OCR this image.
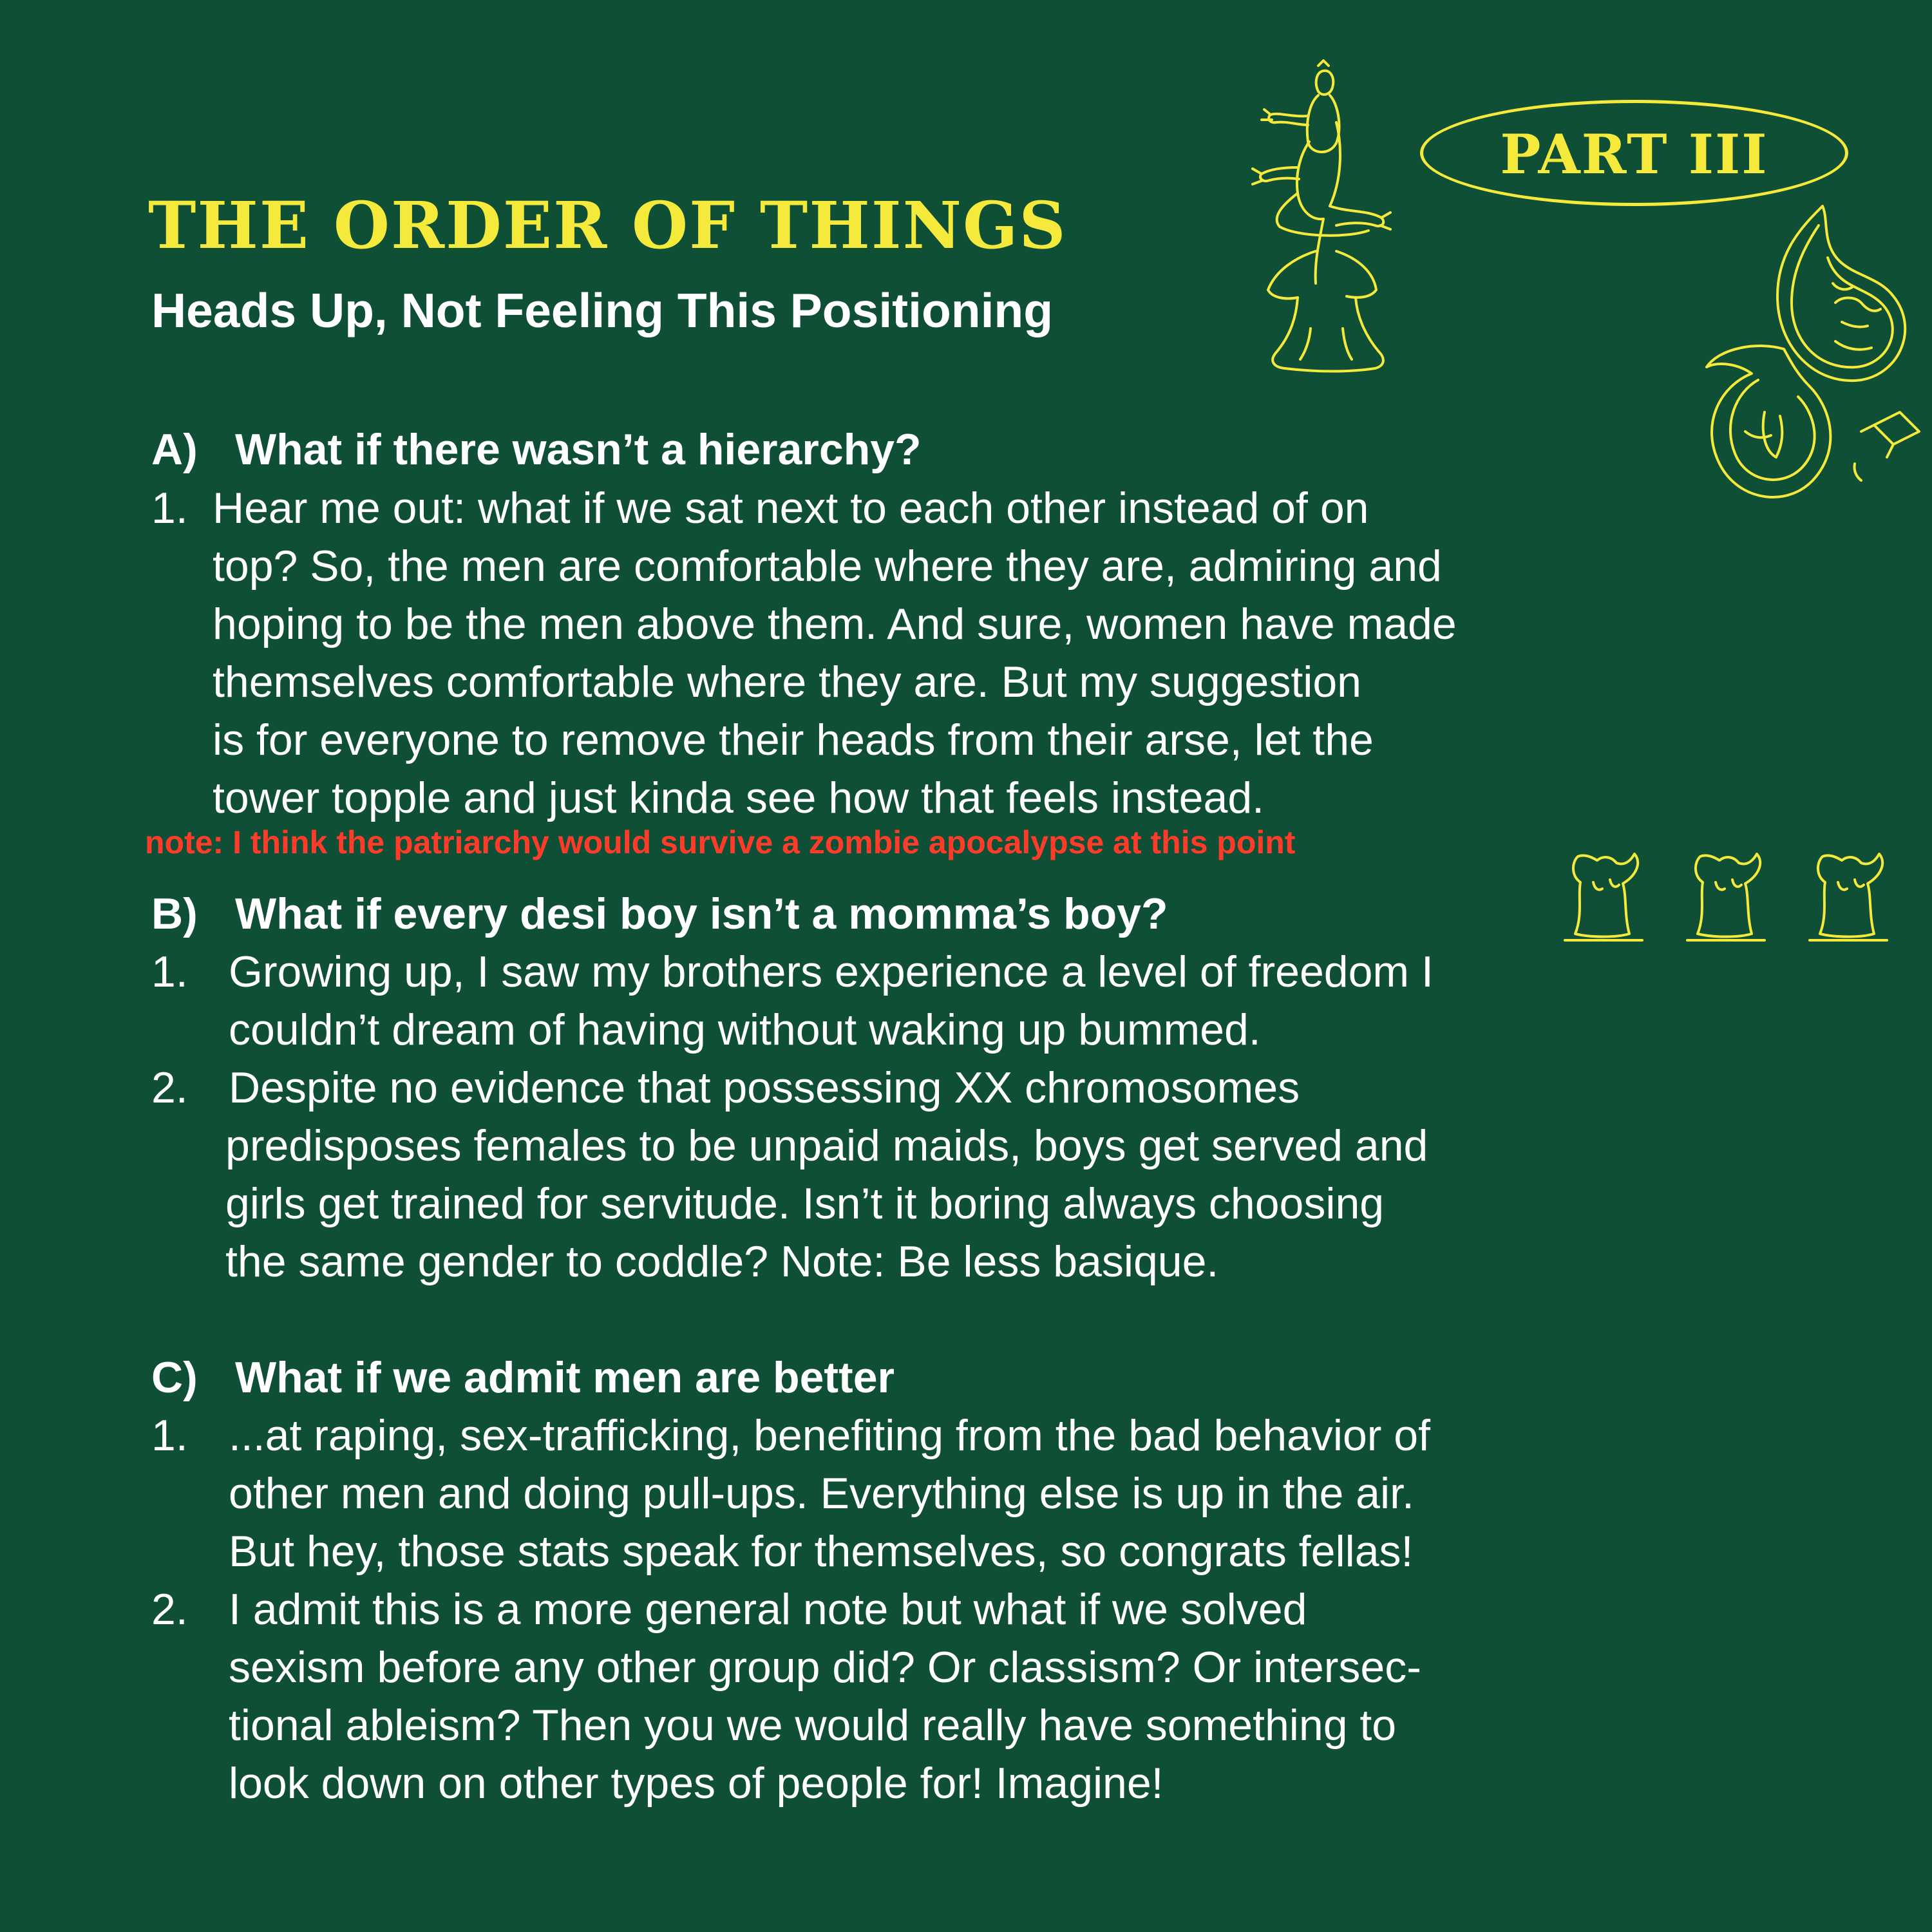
THE ORDER OF THINGS
Heads Up, Not Feeling This Positioning
PART III
A) What if there wasn’t a hierarchy?
1. Hear me out: what if we sat next to each other instead of on
top? So, the men are comfortable where they are, admiring and
hoping to be the men above them. And sure, women have made
themselves comfortable where they are. But my suggestion
is for everyone to remove their heads from their arse, let the
tower topple and just kinda see how that feels instead.
note: I think the patriarchy would survive a zombie apocalypse at this point
B) What if every desi boy isn’t a momma’s boy?
1. Growing up, I saw my brothers experience a level of freedom I
couldn’t dream of having without waking up bummed.
2. Despite no evidence that possessing XX chromosomes
predisposes females to be unpaid maids, boys get served and
girls get trained for servitude. Isn’t it boring always choosing
the same gender to coddle? Note: Be less basique.
C) What if we admit men are better
1. ...at raping, sex-trafficking, benefiting from the bad behavior of
other men and doing pull-ups. Everything else is up in the air.
But hey, those stats speak for themselves, so congrats fellas!
2. I admit this is a more general note but what if we solved
sexism before any other group did? Or classism? Or intersec-
tional ableism? Then you we would really have something to
look down on other types of people for! Imagine!
